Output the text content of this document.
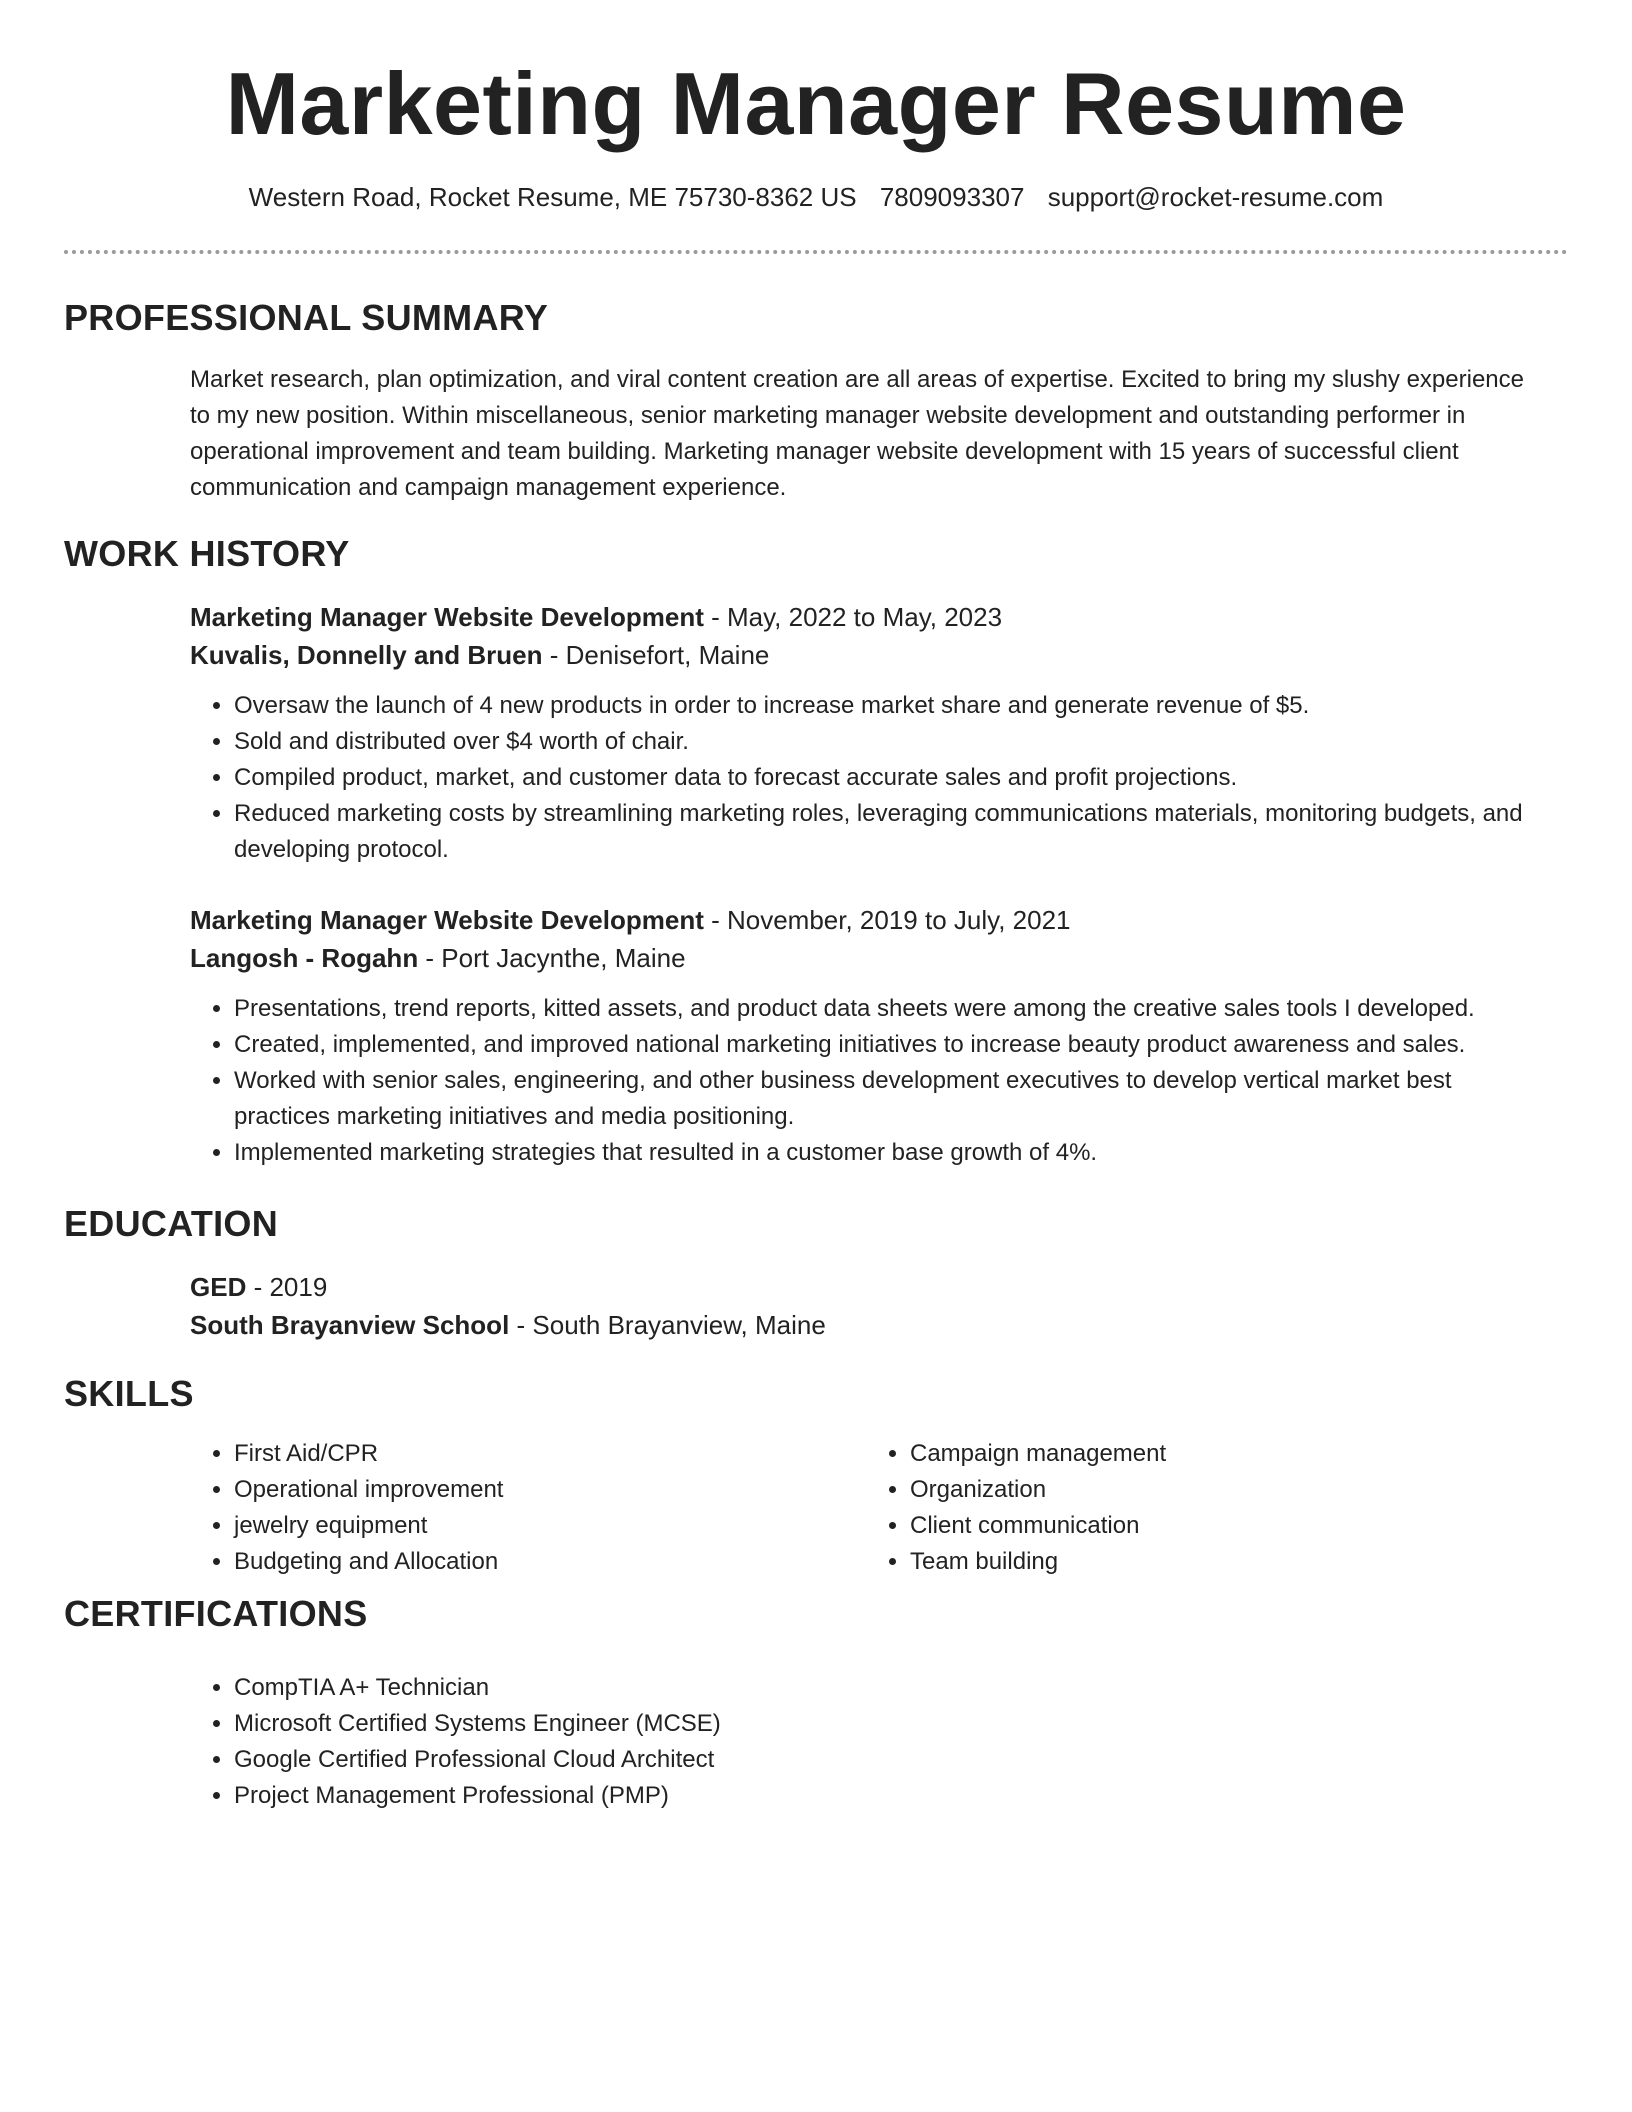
Marketing Manager Resume
Western Road, Rocket Resume, ME 75730-8362 US 7809093307 support@rocket-resume.com
PROFESSIONAL SUMMARY
Market research, plan optimization, and viral content creation are all areas of expertise. Excited to bring my slushy experience to my new position. Within miscellaneous, senior marketing manager website development and outstanding performer in operational improvement and team building. Marketing manager website development with 15 years of successful client communication and campaign management experience.
WORK HISTORY
Marketing Manager Website Development - May, 2022 to May, 2023
Kuvalis, Donnelly and Bruen - Denisefort, Maine
• Oversaw the launch of 4 new products in order to increase market share and generate revenue of $5.
• Sold and distributed over $4 worth of chair.
• Compiled product, market, and customer data to forecast accurate sales and profit projections.
• Reduced marketing costs by streamlining marketing roles, leveraging communications materials, monitoring budgets, and developing protocol.
Marketing Manager Website Development - November, 2019 to July, 2021
Langosh - Rogahn - Port Jacynthe, Maine
• Presentations, trend reports, kitted assets, and product data sheets were among the creative sales tools I developed.
• Created, implemented, and improved national marketing initiatives to increase beauty product awareness and sales.
• Worked with senior sales, engineering, and other business development executives to develop vertical market best practices marketing initiatives and media positioning.
• Implemented marketing strategies that resulted in a customer base growth of 4%.
EDUCATION
GED - 2019
South Brayanview School - South Brayanview, Maine
SKILLS
• First Aid/CPR
• Operational improvement
• jewelry equipment
• Budgeting and Allocation
• Campaign management
• Organization
• Client communication
• Team building
CERTIFICATIONS
• CompTIA A+ Technician
• Microsoft Certified Systems Engineer (MCSE)
• Google Certified Professional Cloud Architect
• Project Management Professional (PMP)
